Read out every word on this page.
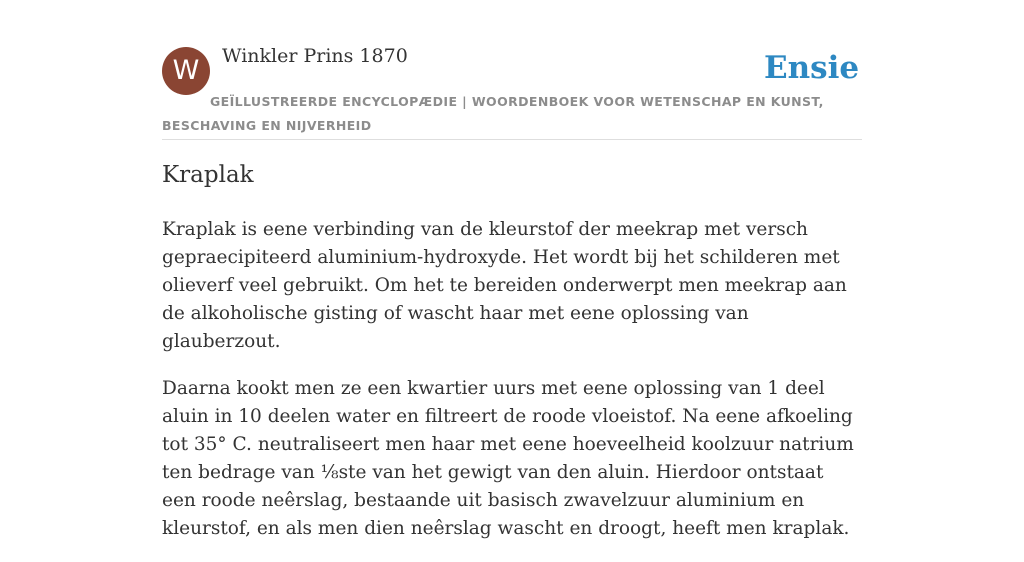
W	Winkler Prins 1870
GEÏLLUSTREERDE ENCYCLOPÆDIE | WOORDENBOEK VOOR WETENSCHAP EN KUNST, BESCHAVING EN NIJVERHEID
Ensie
Kraplak

Kraplak is eene verbinding van de kleurstof der meekrap met versch gepraecipiteerd aluminium-hydroxyde. Het wordt bij het schilderen met olieverf veel gebruikt. Om het te bereiden onderwerpt men meekrap aan de alkoholische gisting of wascht haar met eene oplossing van glauberzout.

Daarna kookt men ze een kwartier uurs met eene oplossing van 1 deel aluin in 10 deelen water en filtreert de roode vloeistof. Na eene afkoeling tot 35° C. neutraliseert men haar met eene hoeveelheid koolzuur natrium ten bedrage van ⅛ste van het gewigt van den aluin. Hierdoor ontstaat een roode neêrslag, bestaande uit basisch zwavelzuur aluminium en kleurstof, en als men dien neêrslag wascht en droogt, heeft men kraplak.
